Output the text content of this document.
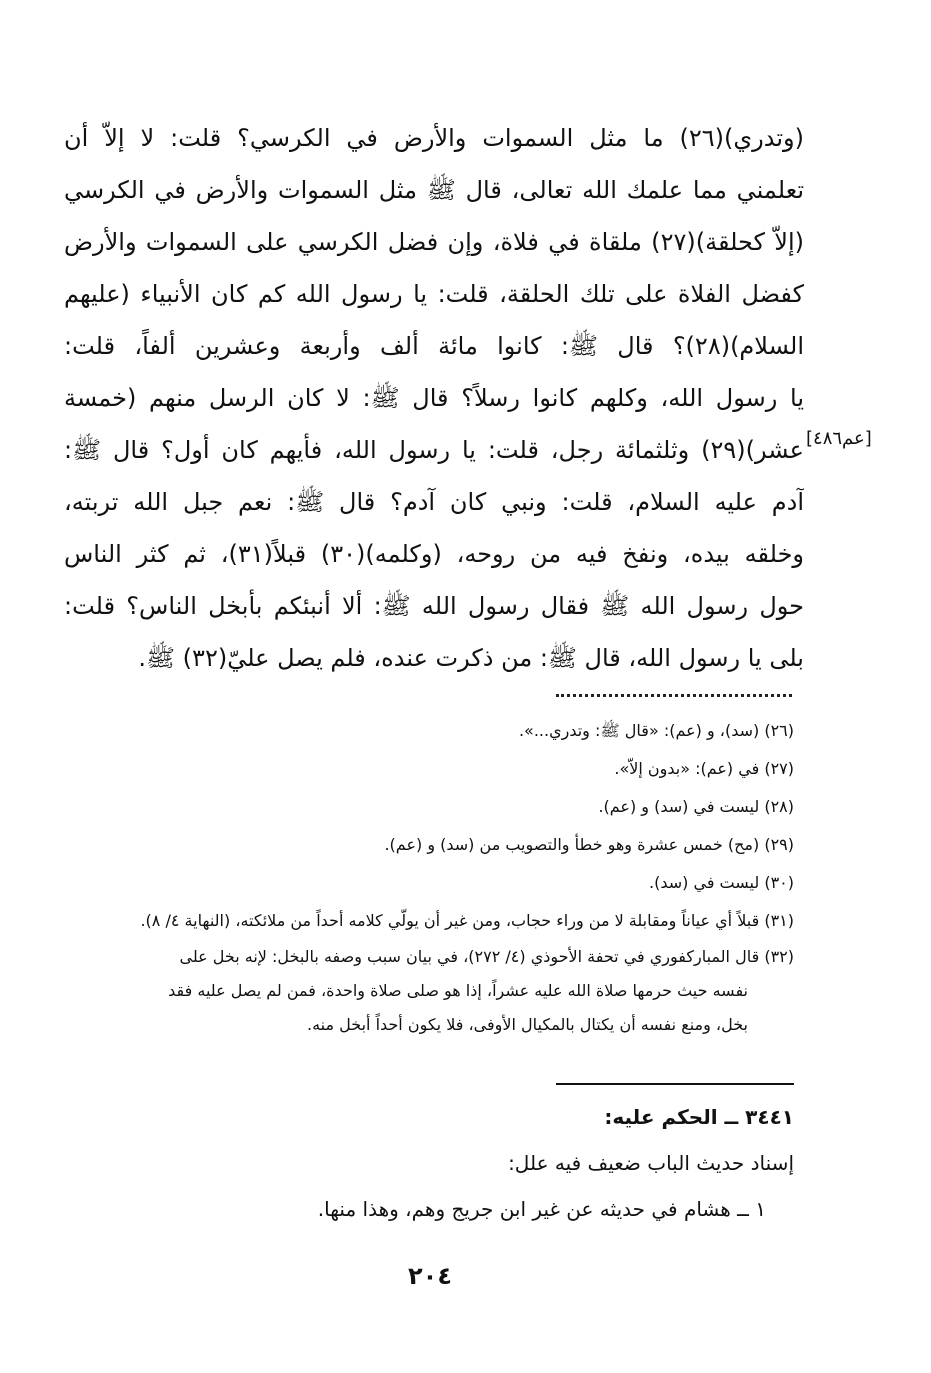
(وتدري)(٢٦) ما مثل السموات والأرض في الكرسي؟ قلت: لا إلاّ أن
تعلمني مما علمك الله تعالى، قال ﷺ مثل السموات والأرض في الكرسي
(إلاّ كحلقة)(٢٧) ملقاة في فلاة، وإن فضل الكرسي على السموات والأرض
كفضل الفلاة على تلك الحلقة، قلت: يا رسول الله كم كان الأنبياء (عليهم
السلام)(٢٨)؟ قال ﷺ: كانوا مائة ألف وأربعة وعشرين ألفاً، قلت:
يا رسول الله، وكلهم كانوا رسلاً؟ قال ﷺ: لا كان الرسل منهم (خمسة
عشر)(٢٩) وثلثمائة رجل، قلت: يا رسول الله، فأيهم كان أول؟ قال ﷺ:
آدم عليه السلام، قلت: ونبي كان آدم؟ قال ﷺ: نعم جبل الله تربته،
وخلقه بيده، ونفخ فيه من روحه، (وكلمه)(٣٠) قبلاً(٣١)، ثم كثر الناس
حول رسول الله ﷺ فقال رسول الله ﷺ: ألا أنبئكم بأبخل الناس؟ قلت:
بلى يا رسول الله، قال ﷺ: من ذكرت عنده، فلم يصل عليّ(٣٢) ﷺ.
[عم٤٨٦]
(٢٦) (سد)، و (عم): «قال ﷺ: وتدري...».
(٢٧) في (عم): «بدون إلاّ».
(٢٨) ليست في (سد) و (عم).
(٢٩) (مح) خمس عشرة وهو خطأ والتصويب من (سد) و (عم).
(٣٠) ليست في (سد).
(٣١) قبلاً أي عياناً ومقابلة لا من وراء حجاب، ومن غير أن يولّي كلامه أحداً من ملائكته، (النهاية ٤/ ٨).
(٣٢) قال المباركفوري في تحفة الأحوذي (٤/ ٢٧٢)، في بيان سبب وصفه بالبخل: لإنه بخل على
نفسه حيث حرمها صلاة الله عليه عشراً، إذا هو صلى صلاة واحدة، فمن لم يصل عليه فقد
بخل، ومنع نفسه أن يكتال بالمكيال الأوفى، فلا يكون أحداً أبخل منه.
٣٤٤١ ــ الحكم عليه:
إسناد حديث الباب ضعيف فيه علل:
١ ــ هشام في حديثه عن غير ابن جريج وهم، وهذا منها.
٢٠٤
